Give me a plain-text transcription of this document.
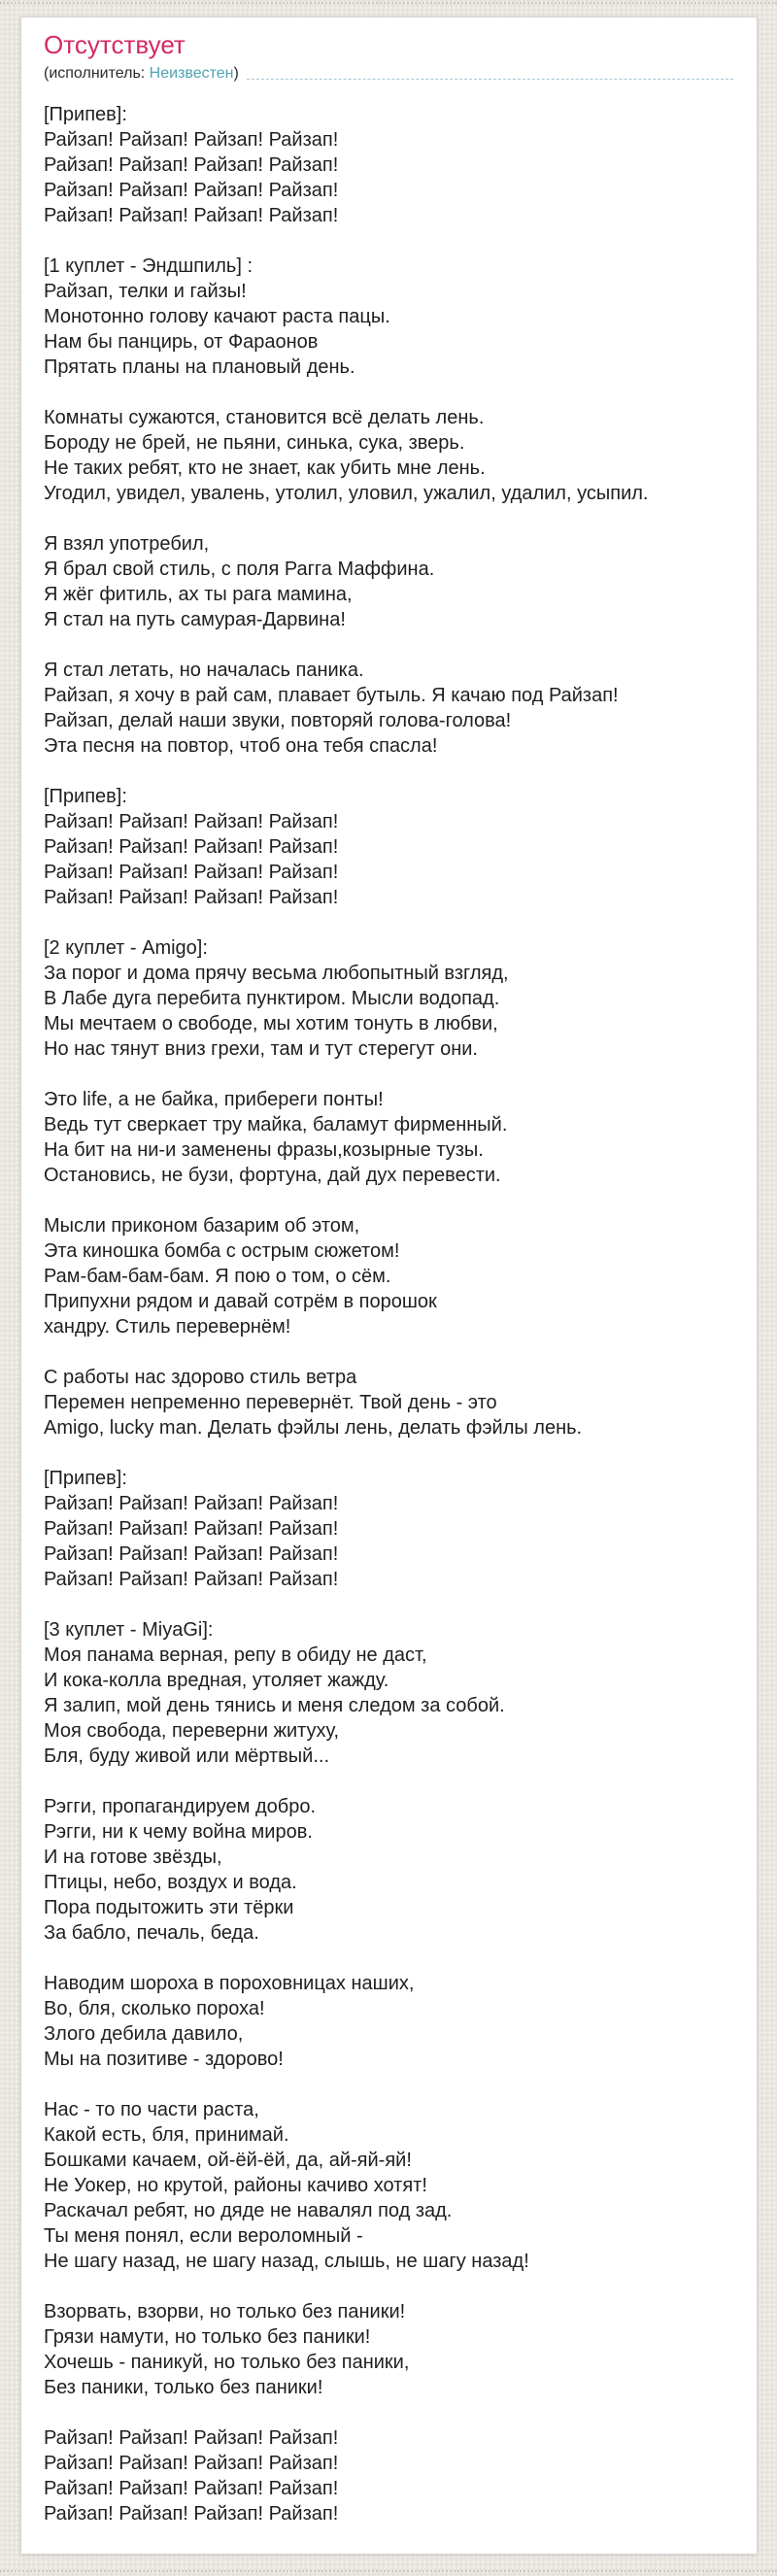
Отсутствует
(исполнитель: Неизвестен )
[Припев]:
Райзап! Райзап! Райзап! Райзап!
Райзап! Райзап! Райзап! Райзап!
Райзап! Райзап! Райзап! Райзап!
Райзап! Райзап! Райзап! Райзап!
[1 куплет - Эндшпиль] :
Райзап, телки и гайзы!
Монотонно голову качают раста пацы.
Нам бы панцирь, от Фараонов
Прятать планы на плановый день.
Комнаты сужаются, становится всё делать лень.
Бороду не брей, не пьяни, синька, сука, зверь.
Не таких ребят, кто не знает, как убить мне лень.
Угодил, увидел, увалень, утолил, уловил, ужалил, удалил, усыпил.
Я взял употребил,
Я брал свой стиль, с поля Рагга Маффина.
Я жёг фитиль, ах ты рага мамина,
Я стал на путь самурая-Дарвина!
Я стал летать, но началась паника.
Райзап, я хочу в рай сам, плавает бутыль. Я качаю под Райзап!
Райзап, делай наши звуки, повторяй голова-голова!
Эта песня на повтор, чтоб она тебя спасла!
[Припев]:
Райзап! Райзап! Райзап! Райзап!
Райзап! Райзап! Райзап! Райзап!
Райзап! Райзап! Райзап! Райзап!
Райзап! Райзап! Райзап! Райзап!
[2 куплет - Amigo]:
За порог и дома прячу весьма любопытный взгляд,
В Лабе дуга перебита пунктиром. Мысли водопад.
Мы мечтаем о свободе, мы хотим тонуть в любви,
Но нас тянут вниз грехи, там и тут стерегут они.
Это life, а не байка, прибереги понты!
Ведь тут сверкает тру майка, баламут фирменный.
На бит на ни-и заменены фразы,козырные тузы.
Остановись, не бузи, фортуна, дай дух перевести.
Мысли приконом базарим об этом,
Эта киношка бомба с острым сюжетом!
Рам-бам-бам-бам. Я пою о том, о сём.
Припухни рядом и давай сотрём в порошок
хандру. Стиль перевернём!
С работы нас здорово стиль ветра
Перемен непременно перевернёт. Твой день - это
Amigo, lucky man. Делать фэйлы лень, делать фэйлы лень.
[Припев]:
Райзап! Райзап! Райзап! Райзап!
Райзап! Райзап! Райзап! Райзап!
Райзап! Райзап! Райзап! Райзап!
Райзап! Райзап! Райзап! Райзап!
[3 куплет - MiyaGi]:
Моя панама верная, репу в обиду не даст,
И кока-колла вредная, утоляет жажду.
Я залип, мой день тянись и меня следом за собой.
Моя свобода, переверни житуху,
Бля, буду живой или мёртвый...
Рэгги, пропагандируем добро.
Рэгги, ни к чему война миров.
И на готове звёзды,
Птицы, небо, воздух и вода.
Пора подытожить эти тёрки
За бабло, печаль, беда.
Наводим шороха в пороховницах наших,
Во, бля, сколько пороха!
Злого дебила давило,
Мы на позитиве - здорово!
Нас - то по части раста,
Какой есть, бля, принимай.
Бошками качаем, ой-ёй-ёй, да, ай-яй-яй!
Не Уокер, но крутой, районы качиво хотят!
Раскачал ребят, но дяде не навалял под зад.
Ты меня понял, если вероломный -
Не шагу назад, не шагу назад, слышь, не шагу назад!
Взорвать, взорви, но только без паники!
Грязи намути, но только без паники!
Хочешь - паникуй, но только без паники,
Без паники, только без паники!
Райзап! Райзап! Райзап! Райзап!
Райзап! Райзап! Райзап! Райзап!
Райзап! Райзап! Райзап! Райзап!
Райзап! Райзап! Райзап! Райзап!
